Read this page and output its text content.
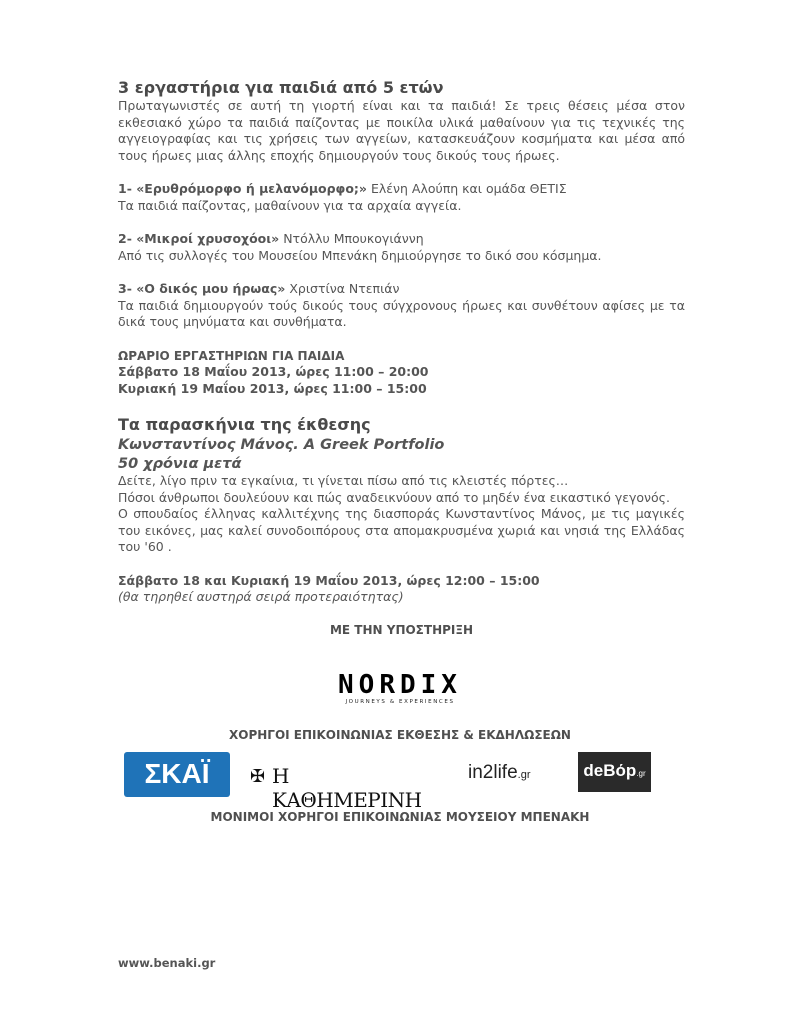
3 εργαστήρια για παιδιά από 5 ετών

Πρωταγωνιστές σε αυτή τη γιορτή είναι και τα παιδιά! Σε τρεις θέσεις μέσα στον εκθεσιακό χώρο τα παιδιά παίζοντας με ποικίλα υλικά μαθαίνουν για τις τεχνικές της αγγειογραφίας και τις χρήσεις των αγγείων, κατασκευάζουν κοσμήματα και μέσα από τους ήρωες μιας άλλης εποχής δημιουργούν τους δικούς τους ήρωες.

1- «Ερυθρόμορφο ή μελανόμορφο;» Ελένη Αλούπη και ομάδα ΘΕΤΙΣ

Τα παιδιά παίζοντας, μαθαίνουν για τα αρχαία αγγεία.

2- «Μικροί χρυσοχόοι» Ντόλλυ Μπουκογιάννη

Από τις συλλογές του Μουσείου Μπενάκη δημιούργησε το δικό σου κόσμημα.

3- «Ο δικός μου ήρωας» Χριστίνα Ντεπιάν

Τα παιδιά δημιουργούν τούς δικούς τους σύγχρονους ήρωες και συνθέτουν αφίσες με τα δικά τους μηνύματα και συνθήματα.

ΩΡΑΡΙΟ ΕΡΓΑΣΤΗΡΙΩΝ ΓΙΑ ΠΑΙΔΙΑ

Σάββατο 18 Μαΐου 2013, ώρες 11:00 – 20:00

Κυριακή 19 Μαΐου 2013, ώρες 11:00 – 15:00

Τα παρασκήνια της έκθεσης

Κωνσταντίνος Μάνος. A Greek Portfolio

50 χρόνια μετά

Δείτε, λίγο πριν τα εγκαίνια, τι γίνεται πίσω από τις κλειστές πόρτες…

Πόσοι άνθρωποι δουλεύουν και πώς αναδεικνύουν από το μηδέν ένα εικαστικό γεγονός.

Ο σπουδαίος έλληνας καλλιτέχνης της διασποράς Κωνσταντίνος Μάνος, με τις μαγικές του εικόνες, μας καλεί συνοδοιπόρους στα απομακρυσμένα χωριά και νησιά της Ελλάδας του '60 .

Σάββατο 18 και Κυριακή 19 Μαΐου 2013, ώρες 12:00 – 15:00

(θα τηρηθεί αυστηρά σειρά προτεραιότητας)

ΜΕ ΤΗΝ ΥΠΟΣΤΗΡΙΞΗ

NORDIX
JOURNEYS & EXPERIENCES
ΧΟΡΗΓΟΙ ΕΠΙΚΟΙΝΩΝΙΑΣ ΕΚΘΕΣΗΣ & ΕΚΔΗΛΩΣΕΩΝ
ΣΚΑΪ	✠ Η ΚΑΘΗΜΕΡΙΝΗ
in2life.gr	deBόp.gr
ΜΟΝΙΜΟΙ ΧΟΡΗΓΟΙ ΕΠΙΚΟΙΝΩΝΙΑΣ ΜΟΥΣΕΙΟΥ ΜΠΕΝΑΚΗ
www.benaki.gr
